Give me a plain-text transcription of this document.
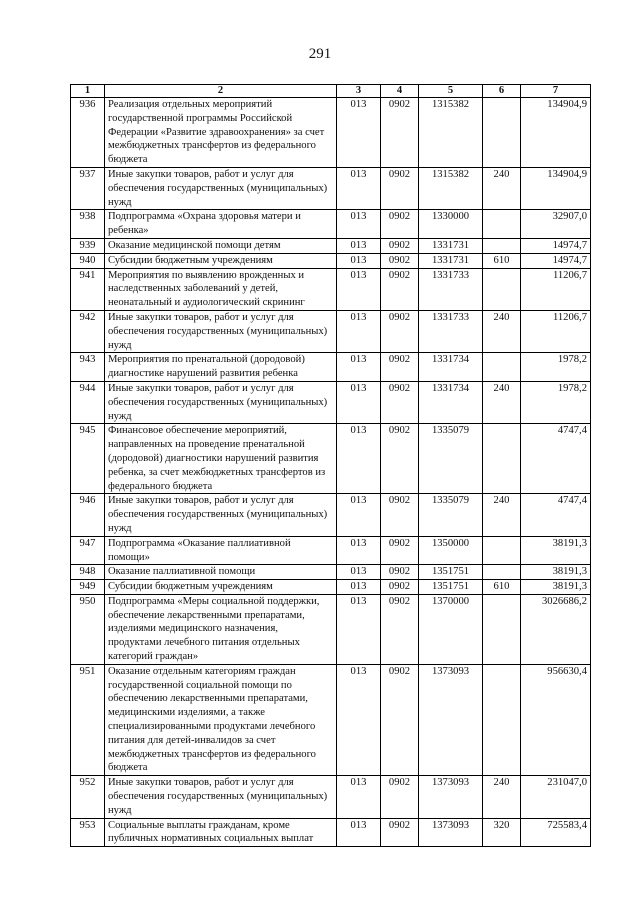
291
1	2	3	4	5	6	7
936	Реализация отдельных мероприятий государственной программы Российской Федерации «Развитие здравоохранения» за счет межбюджетных трансфертов из федерального бюджета	013	0902	1315382		134904,9
937	Иные закупки товаров, работ и услуг для обеспечения государственных (муниципальных) нужд	013	0902	1315382	240	134904,9
938	Подпрограмма «Охрана здоровья матери и ребенка»	013	0902	1330000		32907,0
939	Оказание медицинской помощи детям	013	0902	1331731		14974,7
940	Субсидии бюджетным учреждениям	013	0902	1331731	610	14974,7
941	Мероприятия по выявлению врожденных и наследственных заболеваний у детей, неонатальный и аудиологический скрининг	013	0902	1331733		11206,7
942	Иные закупки товаров, работ и услуг для обеспечения государственных (муниципальных) нужд	013	0902	1331733	240	11206,7
943	Мероприятия по пренатальной (дородовой) диагностике нарушений развития ребенка	013	0902	1331734		1978,2
944	Иные закупки товаров, работ и услуг для обеспечения государственных (муниципальных) нужд	013	0902	1331734	240	1978,2
945	Финансовое обеспечение мероприятий, направленных на проведение пренатальной (дородовой) диагностики нарушений развития ребенка, за счет межбюджетных трансфертов из федерального бюджета	013	0902	1335079		4747,4
946	Иные закупки товаров, работ и услуг для обеспечения государственных (муниципальных) нужд	013	0902	1335079	240	4747,4
947	Подпрограмма «Оказание паллиативной помощи»	013	0902	1350000		38191,3
948	Оказание паллиативной помощи	013	0902	1351751		38191,3
949	Субсидии бюджетным учреждениям	013	0902	1351751	610	38191,3
950	Подпрограмма «Меры социальной поддержки, обеспечение лекарственными препаратами, изделиями медицинского назначения, продуктами лечебного питания отдельных категорий граждан»	013	0902	1370000		3026686,2
951	Оказание отдельным категориям граждан государственной социальной помощи по обеспечению лекарственными препаратами, медицинскими изделиями, а также специализированными продуктами лечебного питания для детей-инвалидов за счет межбюджетных трансфертов из федерального бюджета	013	0902	1373093		956630,4
952	Иные закупки товаров, работ и услуг для обеспечения государственных (муниципальных) нужд	013	0902	1373093	240	231047,0
953	Социальные выплаты гражданам, кроме публичных нормативных социальных выплат	013	0902	1373093	320	725583,4
